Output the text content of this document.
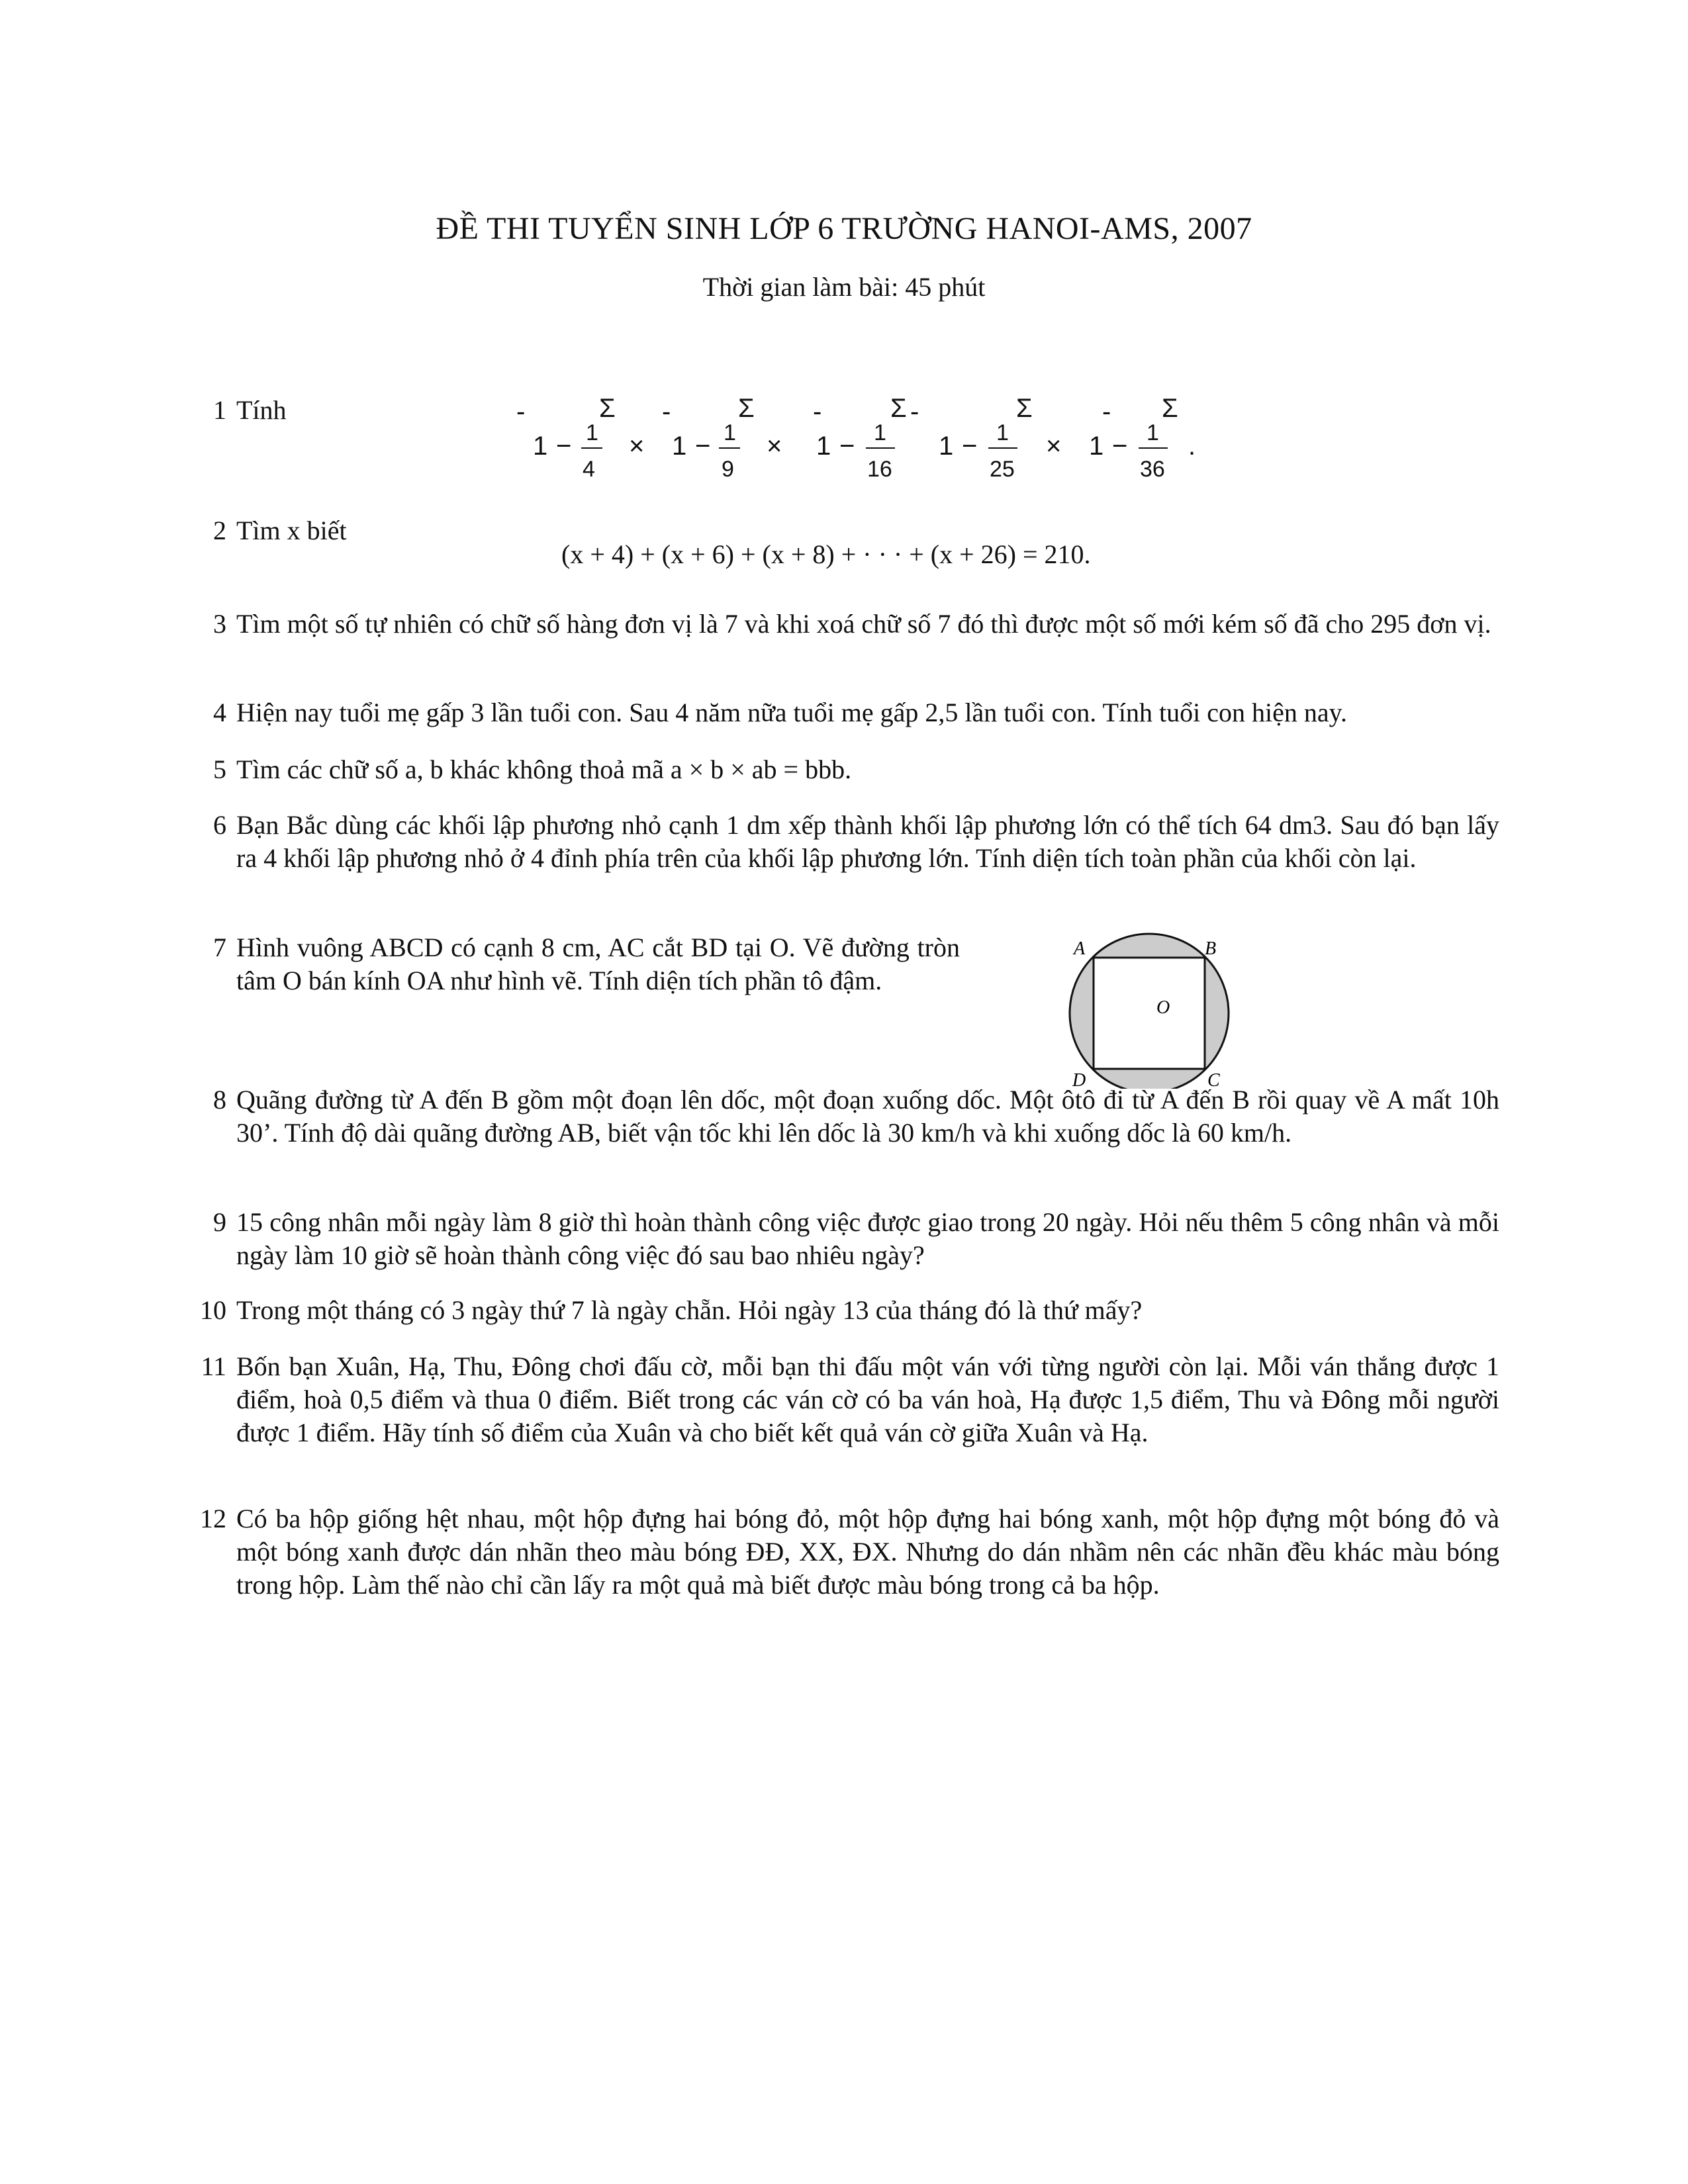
ĐỀ THI TUYỂN SINH LỚP 6 TRƯỜNG HANOI-AMS, 2007
Thời gian làm bài: 45 phút
1 Tính	-	Σ
1 − 1
4
×
-	Σ
1 − 1
9
×
-	Σ
1 − 1
16
-	Σ
1 − 1
25
×
- Σ
1 − 1
36
.
2 Tìm x biết
(x + 4) + (x + 6) + (x + 8) + · · · + (x + 26) = 210.
3 Tìm một số tự nhiên có chữ số hàng đơn vị là 7 và khi xoá chữ số 7 đó thì được một số mới kém số đã cho 295 đơn vị.
4 Hiện nay tuổi mẹ gấp 3 lần tuổi con. Sau 4 năm nữa tuổi mẹ gấp 2,5 lần tuổi con. Tính tuổi con hiện nay.
5 Tìm các chữ số a, b khác không thoả mã a × b × ab = bbb.
6 Bạn Bắc dùng các khối lập phương nhỏ cạnh 1 dm xếp thành khối lập phương lớn có thể tích 64 dm3. Sau đó bạn lấy ra 4 khối lập phương nhỏ ở 4 đỉnh phía trên của khối lập phương lớn. Tính diện tích toàn phần của khối còn lại.
7 Hình vuông ABCD có cạnh 8 cm, AC cắt BD tại O. Vẽ đường tròn tâm O bán kính OA như hình vẽ. Tính diện tích phần tô đậm.
A	B
C
D
O
8 Quãng đường từ A đến B gồm một đoạn lên dốc, một đoạn xuống dốc. Một ôtô đi từ A đến B rồi quay về A mất 10h 30’. Tính độ dài quãng đường AB, biết vận tốc khi lên dốc là 30 km/h và khi xuống dốc là 60 km/h.
9 15 công nhân mỗi ngày làm 8 giờ thì hoàn thành công việc được giao trong 20 ngày. Hỏi nếu thêm 5 công nhân và mỗi ngày làm 10 giờ sẽ hoàn thành công việc đó sau bao nhiêu ngày?
10 Trong một tháng có 3 ngày thứ 7 là ngày chẵn. Hỏi ngày 13 của tháng đó là thứ mấy?
11 Bốn bạn Xuân, Hạ, Thu, Đông chơi đấu cờ, mỗi bạn thi đấu một ván với từng người còn lại. Mỗi ván thắng được 1 điểm, hoà 0,5 điểm và thua 0 điểm. Biết trong các ván cờ có ba ván hoà, Hạ được 1,5 điểm, Thu và Đông mỗi người được 1 điểm. Hãy tính số điểm của Xuân và cho biết kết quả ván cờ giữa Xuân và Hạ.
12 Có ba hộp giống hệt nhau, một hộp đựng hai bóng đỏ, một hộp đựng hai bóng xanh, một hộp đựng một bóng đỏ và một bóng xanh được dán nhãn theo màu bóng ĐĐ, XX, ĐX. Nhưng do dán nhầm nên các nhãn đều khác màu bóng trong hộp. Làm thế nào chỉ cần lấy ra một quả mà biết được màu bóng trong cả ba hộp.
